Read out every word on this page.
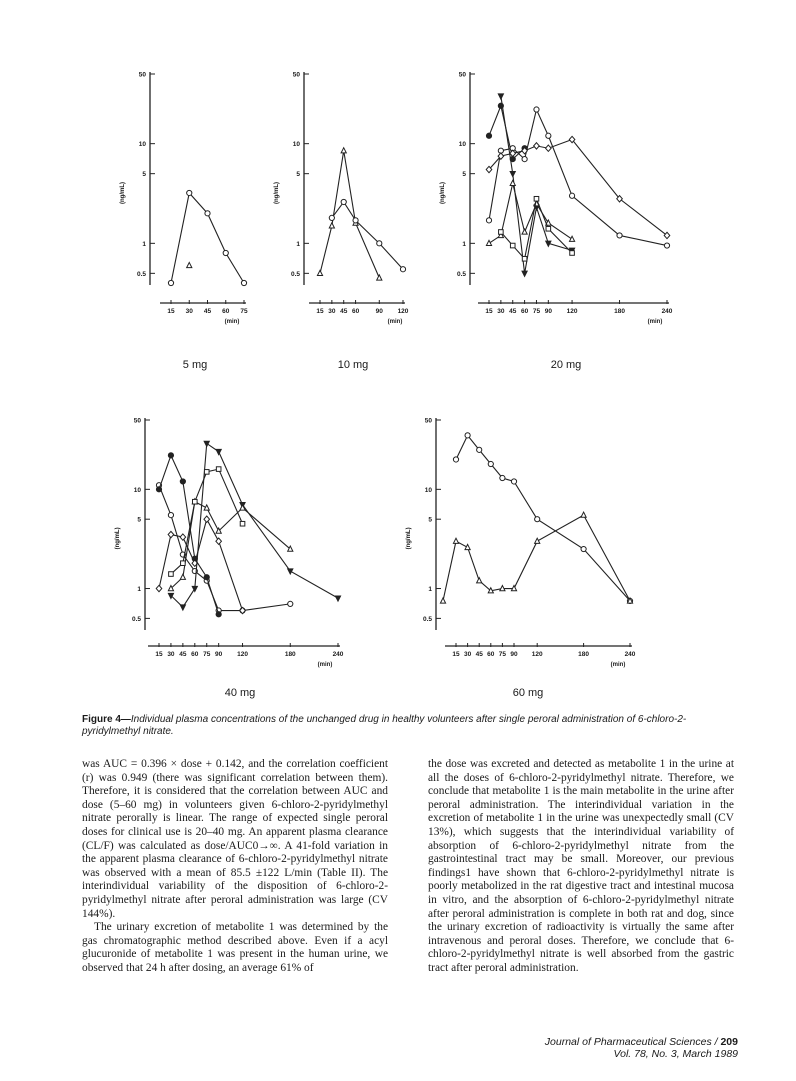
50
10
5
1
0.5
(ng/mL)
15 30 45 60 75
(min)
5 mg
50
10
5
1
0.5
(ng/mL)
15 30 45 60	90 120
(min)
10 mg
50
10
5
1
0.5
(ng/mL)
15 30 45 60 75 90 120	180	240
(min)
20 mg
50
10
5
1
0.5
(ng/mL)
15 30 45 60 75 90 120	180	240
(min)
40 mg
50
10
5
1
0.5
(ng/mL)
15 30 45 60 75 90 120	180	240
(min)
60 mg
Figure 4—Individual plasma concentrations of the unchanged drug in healthy volunteers after single peroral administration of 6-chloro-2-pyridylmethyl nitrate.

was AUC = 0.396 × dose + 0.142, and the correlation coefficient (r) was 0.949 (there was significant correlation between them). Therefore, it is considered that the correlation between AUC and dose (5–60 mg) in volunteers given 6-chloro-2-pyridylmethyl nitrate perorally is linear. The range of expected single peroral doses for clinical use is 20–40 mg. An apparent plasma clearance (CL/F) was calculated as dose/AUC0→∞. A 41-fold variation in the apparent plasma clearance of 6-chloro-2-pyridylmethyl nitrate was observed with a mean of 85.5 ±122 L/min (Table II). The interindividual variability of the disposition of 6-chloro-2-pyridylmethyl nitrate after peroral administration was large (CV 144%).

The urinary excretion of metabolite 1 was determined by the gas chromatographic method described above. Even if a acyl glucuronide of metabolite 1 was present in the human urine, we observed that 24 h after dosing, an average 61% of

the dose was excreted and detected as metabolite 1 in the urine at all the doses of 6-chloro-2-pyridylmethyl nitrate. Therefore, we conclude that metabolite 1 is the main metabolite in the urine after peroral administration. The interindividual variation in the excretion of metabolite 1 in the urine was unexpectedly small (CV 13%), which suggests that the interindividual variability of absorption of 6-chloro-2-pyridylmethyl nitrate from the gastrointestinal tract may be small. Moreover, our previous findings1 have shown that 6-chloro-2-pyridylmethyl nitrate is poorly metabolized in the rat digestive tract and intestinal mucosa in vitro, and the absorption of 6-chloro-2-pyridylmethyl nitrate after peroral administration is complete in both rat and dog, since the urinary excretion of radioactivity is virtually the same after intravenous and peroral doses. Therefore, we conclude that 6-chloro-2-pyridylmethyl nitrate is well absorbed from the gastric tract after peroral administration.

Journal of Pharmaceutical Sciences / 209
Vol. 78, No. 3, March 1989
